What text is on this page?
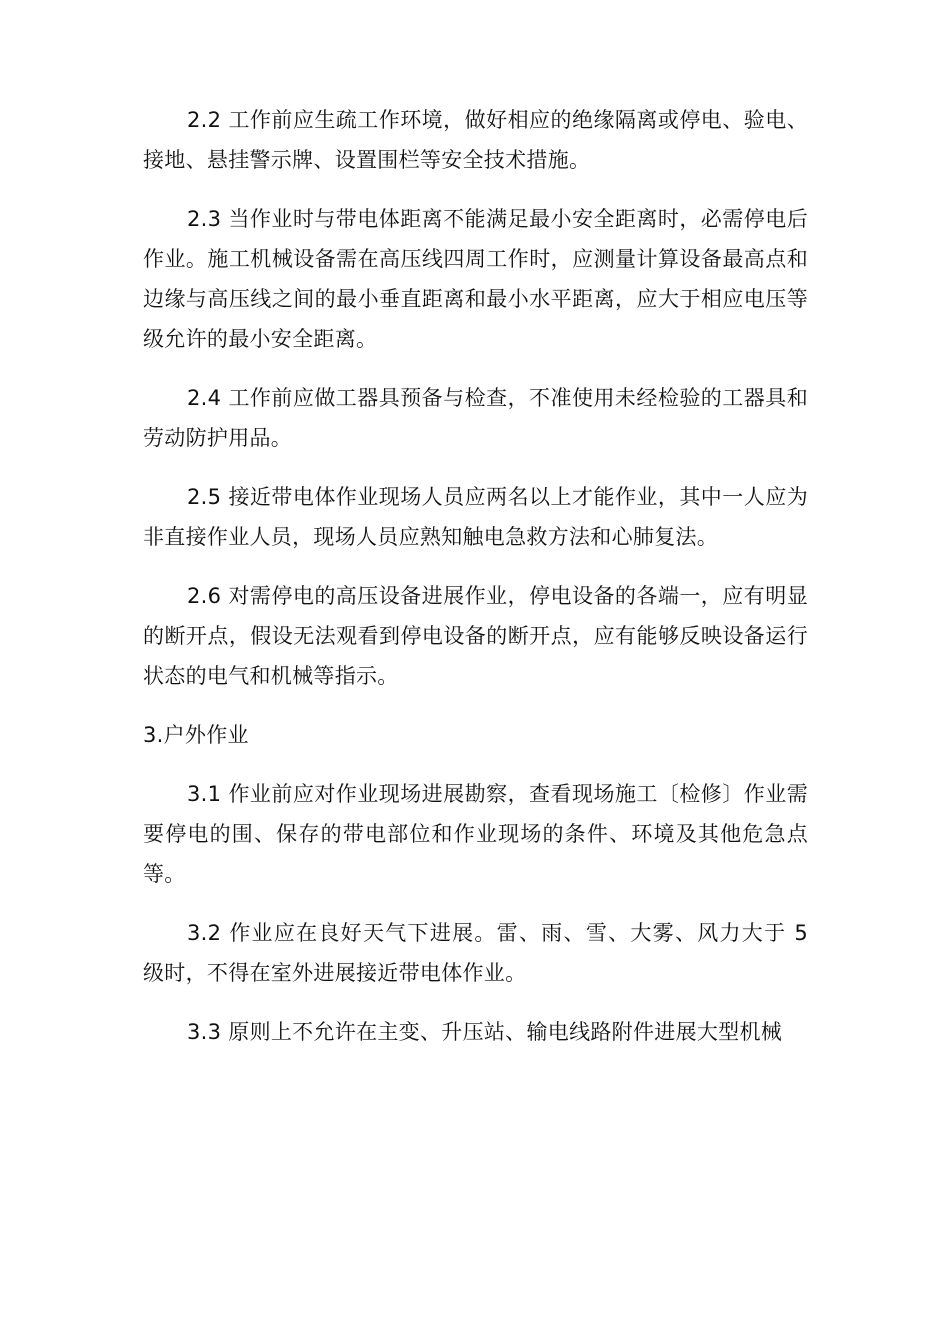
2.2 工作前应生疏工作环境，做好相应的绝缘隔离或停电、验电、接地、悬挂警示牌、设置围栏等安全技术措施。

2.3 当作业时与带电体距离不能满足最小安全距离时，必需停电后作业。施工机械设备需在高压线四周工作时，应测量计算设备最高点和边缘与高压线之间的最小垂直距离和最小水平距离，应大于相应电压等级允许的最小安全距离。

2.4 工作前应做工器具预备与检查，不准使用未经检验的工器具和劳动防护用品。

2.5 接近带电体作业现场人员应两名以上才能作业，其中一人应为非直接作业人员，现场人员应熟知触电急救方法和心肺复法。

2.6 对需停电的高压设备进展作业，停电设备的各端一，应有明显的断开点，假设无法观看到停电设备的断开点，应有能够反映设备运行状态的电气和机械等指示。

3.户外作业

3.1 作业前应对作业现场进展勘察，查看现场施工〔检修〕作业需要停电的围、保存的带电部位和作业现场的条件、环境及其他危急点等。

3.2 作业应在良好天气下进展。雷、雨、雪、大雾、风力大于 5 级时，不得在室外进展接近带电体作业。

3.3 原则上不允许在主变、升压站、输电线路附件进展大型机械
